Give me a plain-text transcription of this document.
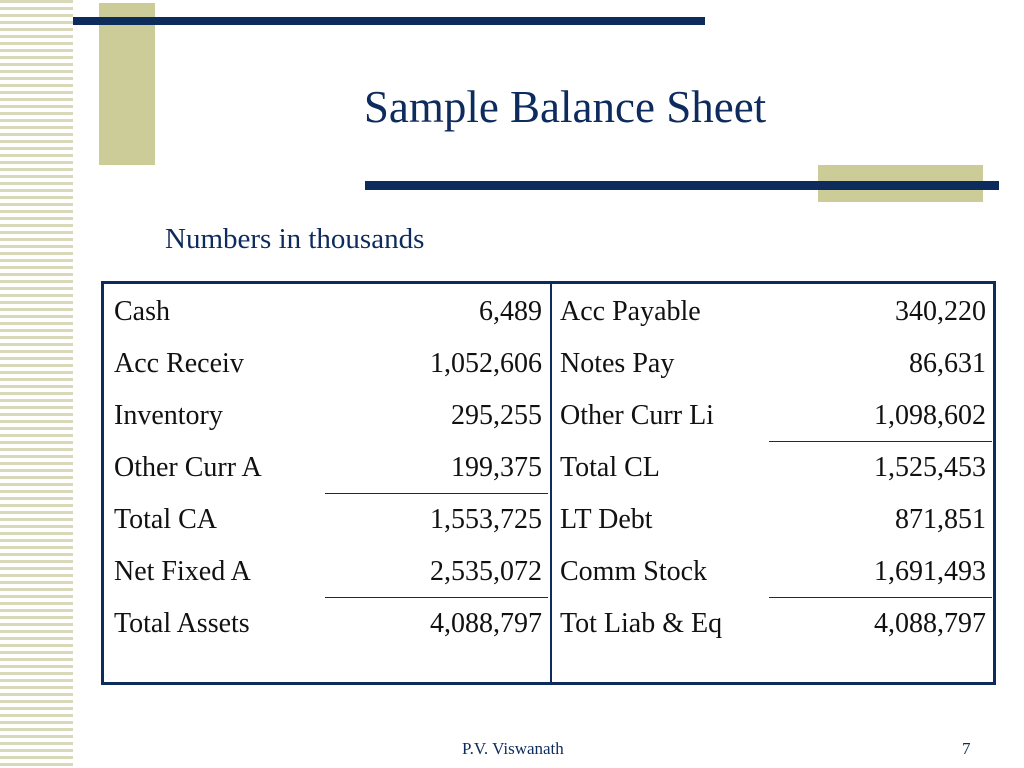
Sample Balance Sheet
Numbers in thousands
Cash	6,489
Acc Receiv	1,052,606
Inventory	295,255
Other Curr A	199,375
Total CA	1,553,725
Net Fixed A	2,535,072
Total Assets	4,088,797
Acc Payable	340,220
Notes Pay	86,631
Other Curr Li	1,098,602
Total CL	1,525,453
LT Debt	871,851
Comm Stock	1,691,493
Tot Liab & Eq	4,088,797
P.V. Viswanath	7
